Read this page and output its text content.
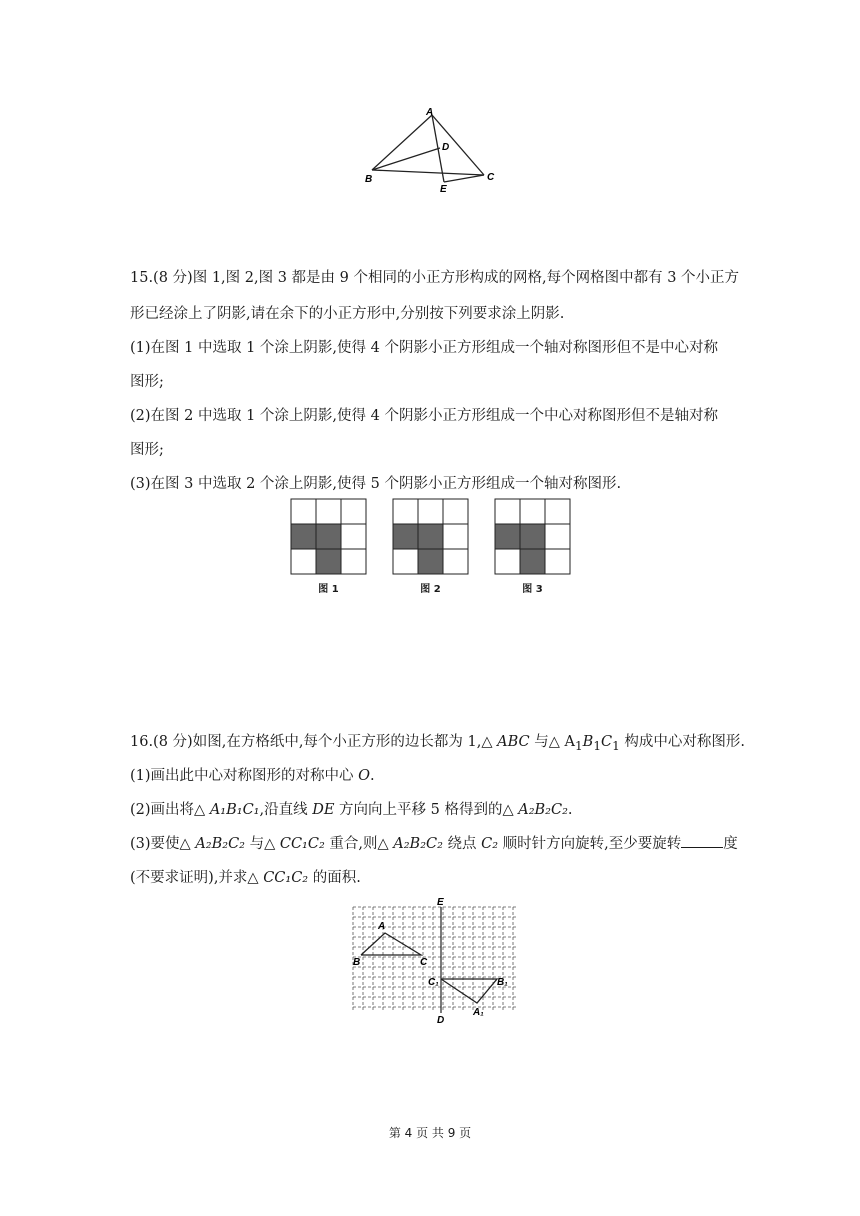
A
B	C
D
E
15.(8 分)图 1,图 2,图 3 都是由 9 个相同的小正方形构成的网格,每个网格图中都有 3 个小正方
形已经涂上了阴影,请在余下的小正方形中,分别按下列要求涂上阴影.
(1)在图 1 中选取 1 个涂上阴影,使得 4 个阴影小正方形组成一个轴对称图形但不是中心对称
图形;
(2)在图 2 中选取 1 个涂上阴影,使得 4 个阴影小正方形组成一个中心对称图形但不是轴对称
图形;
(3)在图 3 中选取 2 个涂上阴影,使得 5 个阴影小正方形组成一个轴对称图形.
图 1	图 2	图 3
16.(8 分)如图,在方格纸中,每个小正方形的边长都为 1,△ ABC 与△ $A_1B_1C_1$ 构成中心对称图形.
(1)画出此中心对称图形的对称中心 O.
(2)画出将△ A₁B₁C₁,沿直线 DE 方向向上平移 5 格得到的△ A₂B₂C₂.
(3)要使△ A₂B₂C₂ 与△ CC₁C₂ 重合,则△ A₂B₂C₂ 绕点 C₂ 顺时针方向旋转,至少要旋转	度
(不要求证明),并求△ CC₁C₂ 的面积.
E
D
A
B	C
C₁	B₁
A₁
第 4 页 共 9 页
